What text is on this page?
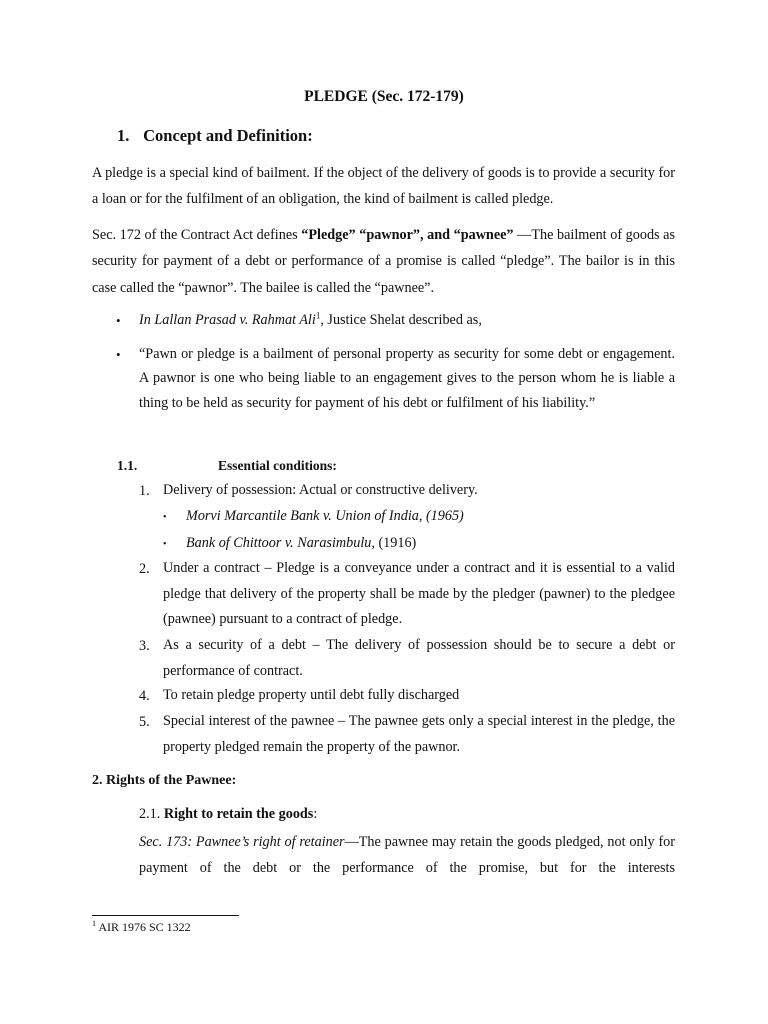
PLEDGE (Sec. 172-179)
1. Concept and Definition:
A pledge is a special kind of bailment. If the object of the delivery of goods is to provide a security for a loan or for the fulfilment of an obligation, the kind of bailment is called pledge.
Sec. 172 of the Contract Act defines “Pledge” “pawnor”, and “pawnee” —The bailment of goods as security for payment of a debt or performance of a promise is called “pledge”. The bailor is in this case called the “pawnor”. The bailee is called the “pawnee”.
• In Lallan Prasad v. Rahmat Ali$^1$, Justice Shelat described as,
• “Pawn or pledge is a bailment of personal property as security for some debt or engagement. A pawnor is one who being liable to an engagement gives to the person whom he is liable a thing to be held as security for payment of his debt or fulfilment of his liability.”
1.1.	Essential conditions:
1. Delivery of possession: Actual or constructive delivery.
• Morvi Marcantile Bank v. Union of India, (1965)
• Bank of Chittoor v. Narasimbulu, (1916)
2. Under a contract – Pledge is a conveyance under a contract and it is essential to a valid pledge that delivery of the property shall be made by the pledger (pawner) to the pledgee (pawnee) pursuant to a contract of pledge.
3. As a security of a debt – The delivery of possession should be to secure a debt or performance of contract.
4. To retain pledge property until debt fully discharged
5. Special interest of the pawnee – The pawnee gets only a special interest in the pledge, the property pledged remain the property of the pawnor.
2. Rights of the Pawnee:
2.1. Right to retain the goods:
Sec. 173: Pawnee’s right of retainer—The pawnee may retain the goods pledged, not only for payment of the debt or the performance of the promise, but for the interests
$^1$ AIR 1976 SC 1322
